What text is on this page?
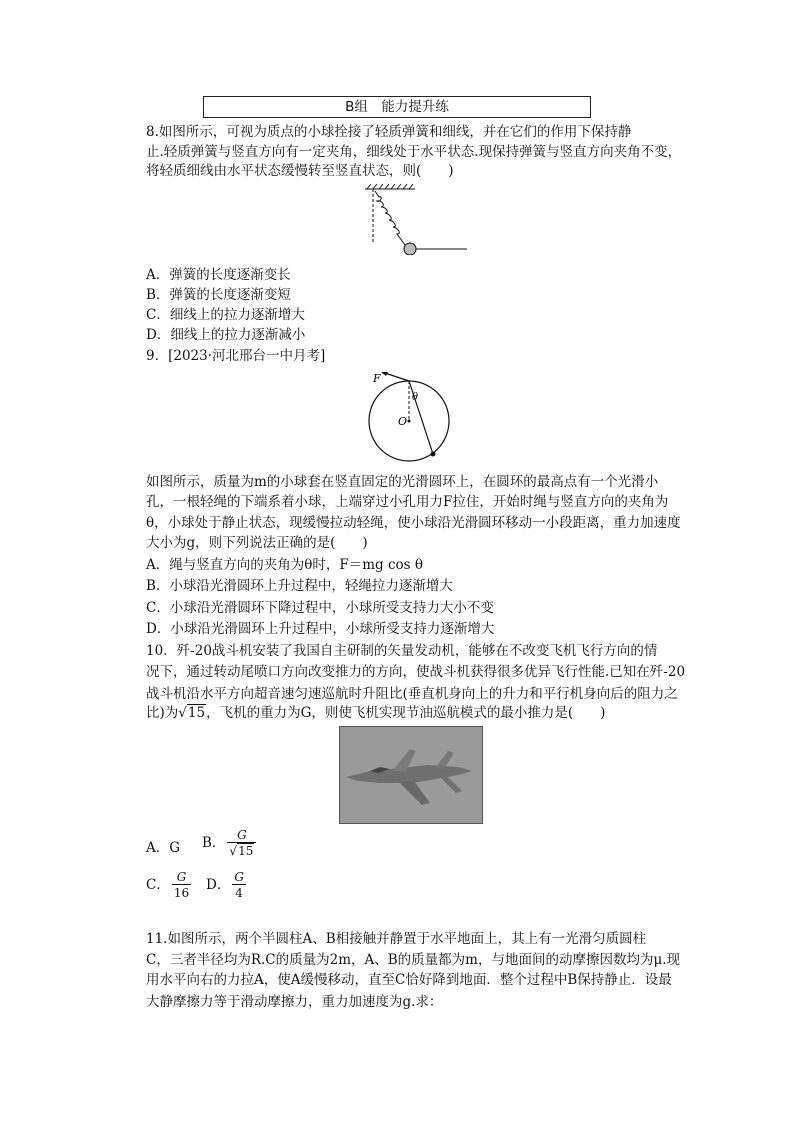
B组　能力提升练
8.如图所示，可视为质点的小球拴接了轻质弹簧和细线，并在它们的作用下保持静
止.轻质弹簧与竖直方向有一定夹角，细线处于水平状态.现保持弹簧与竖直方向夹角不变，
将轻质细线由水平状态缓慢转至竖直状态，则(　　)
A．弹簧的长度逐渐变长
B．弹簧的长度逐渐变短
C．细线上的拉力逐渐增大
D．细线上的拉力逐渐减小
9．[2023·河北邢台一中月考]
F
θ
O
如图所示，质量为m的小球套在竖直固定的光滑圆环上，在圆环的最高点有一个光滑小
孔，一根轻绳的下端系着小球，上端穿过小孔用力F拉住，开始时绳与竖直方向的夹角为
θ，小球处于静止状态，现缓慢拉动轻绳，使小球沿光滑圆环移动一小段距离，重力加速度
大小为g，则下列说法正确的是(　　)
A．绳与竖直方向的夹角为θ时，F＝mg cos θ
B．小球沿光滑圆环上升过程中，轻绳拉力逐渐增大
C．小球沿光滑圆环下降过程中，小球所受支持力大小不变
D．小球沿光滑圆环上升过程中，小球所受支持力逐渐增大
10．歼-20战斗机安装了我国自主研制的矢量发动机，能够在不改变飞机飞行方向的情
况下，通过转动尾喷口方向改变推力的方向，使战斗机获得很多优异飞行性能.已知在歼-20
战斗机沿水平方向超音速匀速巡航时升阻比(垂直机身向上的升力和平行机身向后的阻力之
比)为√15，飞机的重力为G，则使飞机实现节油巡航模式的最小推力是(　　)
A．G B． $\frac{G}{√15}$
C． $\frac{G}{16}$ D． $\frac{G}{4}$
11.如图所示，两个半圆柱A、B相接触并静置于水平地面上，其上有一光滑匀质圆柱
C，三者半径均为R.C的质量为2m，A、B的质量都为m，与地面间的动摩擦因数均为μ.现
用水平向右的力拉A，使A缓慢移动，直至C恰好降到地面．整个过程中B保持静止．设最
大静摩擦力等于滑动摩擦力，重力加速度为g.求：
